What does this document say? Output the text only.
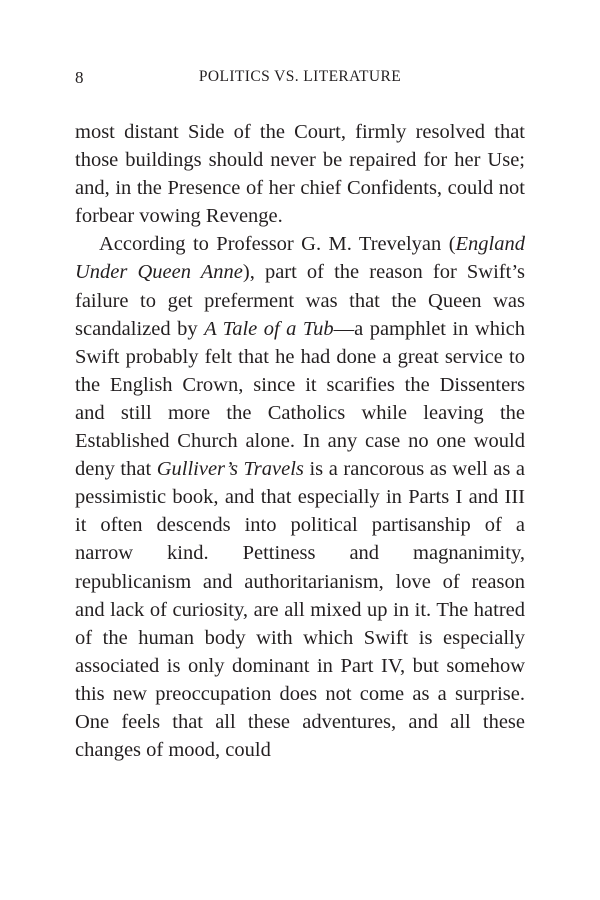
8	POLITICS VS. LITERATURE

most distant Side of the Court, firmly resolved that those buildings should never be repaired for her Use; and, in the Presence of her chief Confidents, could not forbear vowing Revenge.

According to Professor G. M. Trevelyan (England Under Queen Anne), part of the reason for Swift’s failure to get preferment was that the Queen was scandalized by A Tale of a Tub—a pamphlet in which Swift probably felt that he had done a great service to the English Crown, since it scarifies the Dissenters and still more the Catholics while leaving the Established Church alone. In any case no one would deny that Gulliver’s Travels is a rancorous as well as a pessimistic book, and that especially in Parts I and III it often descends into political partisanship of a narrow kind. Pettiness and magnanimity, republicanism and authoritarianism, love of reason and lack of curiosity, are all mixed up in it. The hatred of the human body with which Swift is especially associated is only dominant in Part IV, but somehow this new preoccupation does not come as a surprise. One feels that all these adventures, and all these changes of mood, could
